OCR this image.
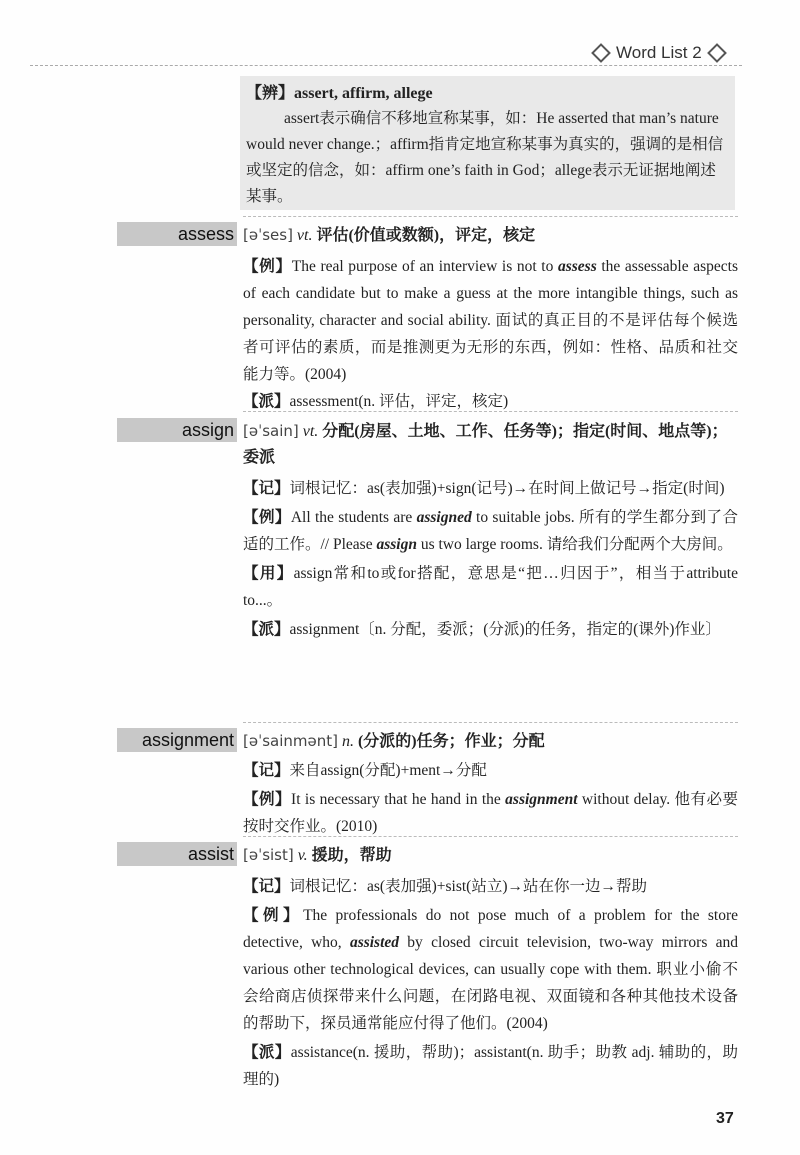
Word List 2
【辨】assert, affirm, allege
assert表示确信不移地宣称某事，如：He asserted that man’s nature would never change.；affirm指肯定地宣称某事为真实的，强调的是相信或坚定的信念，如：affirm one’s faith in God；allege表示无证据地阐述某事。
assess [əˈses] vt. 评估(价值或数额)，评定，核定
【例】The real purpose of an interview is not to assess the assessable aspects of each candidate but to make a guess at the more intangible things, such as personality, character and social ability. 面试的真正目的不是评估每个候选者可评估的素质，而是推测更为无形的东西，例如：性格、品质和社交能力等。(2004)
【派】assessment(n. 评估，评定，核定)
assign [əˈsain] vt. 分配(房屋、土地、工作、任务等)；指定(时间、地点等)；委派
【记】词根记忆：as(表加强)+sign(记号)→在时间上做记号→指定(时间)
【例】All the students are assigned to suitable jobs. 所有的学生都分到了合适的工作。// Please assign us two large rooms. 请给我们分配两个大房间。
【用】assign常和to或for搭配，意思是“把…归因于”，相当于attribute to...。
【派】assignment〔n. 分配，委派；(分派)的任务，指定的(课外)作业〕
assignment [əˈsainmənt] n. (分派的)任务；作业；分配
【记】来自assign(分配)+ment→分配
【例】It is necessary that he hand in the assignment without delay. 他有必要按时交作业。(2010)
assist [əˈsist] v. 援助，帮助
【记】词根记忆：as(表加强)+sist(站立)→站在你一边→帮助
【例】The professionals do not pose much of a problem for the store detective, who, assisted by closed circuit television, two-way mirrors and various other technological devices, can usually cope with them. 职业小偷不会给商店侦探带来什么问题，在闭路电视、双面镜和各种其他技术设备的帮助下，探员通常能应付得了他们。(2004)
【派】assistance(n. 援助，帮助)；assistant(n. 助手；助教 adj. 辅助的，助理的)
37
